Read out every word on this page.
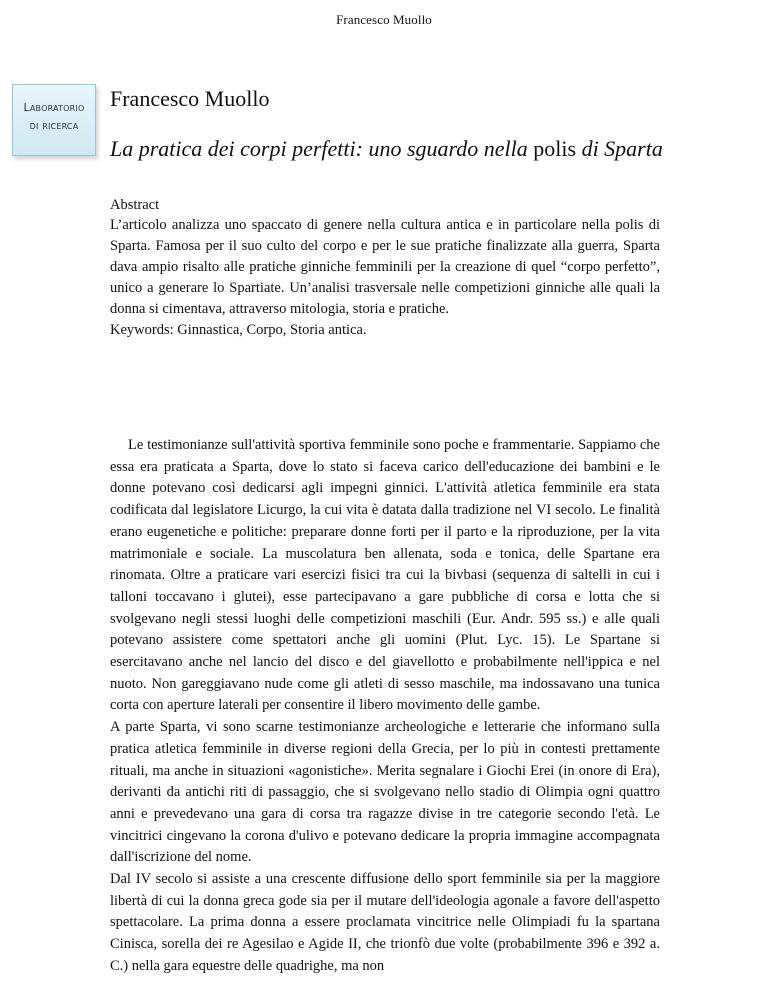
Francesco Muollo
Laboratorio
di ricerca
Francesco Muollo
La pratica dei corpi perfetti: uno sguardo nella polis di Sparta
Abstract

L’articolo analizza uno spaccato di genere nella cultura antica e in particolare nella polis di Sparta. Famosa per il suo culto del corpo e per le sue pratiche finalizzate alla guerra, Sparta dava ampio risalto alle pratiche ginniche femminili per la creazione di quel “corpo perfetto”, unico a generare lo Spartiate. Un’analisi trasversale nelle competizioni ginniche alle quali la donna si cimentava, attraverso mitologia, storia e pratiche.

Keywords: Ginnastica, Corpo, Storia antica.

Le testimonianze sull'attività sportiva femminile sono poche e frammentarie. Sappiamo che essa era praticata a Sparta, dove lo stato si faceva carico dell'educazione dei bambini e le donne potevano così dedicarsi agli impegni ginnici. L'attività atletica femminile era stata codificata dal legislatore Licurgo, la cui vita è datata dalla tradizione nel VI secolo. Le finalità erano eugenetiche e politiche: preparare donne forti per il parto e la riproduzione, per la vita matrimoniale e sociale. La muscolatura ben allenata, soda e tonica, delle Spartane era rinomata. Oltre a praticare vari esercizi fisici tra cui la bivbasi (sequenza di saltelli in cui i talloni toccavano i glutei), esse partecipavano a gare pubbliche di corsa e lotta che si svolgevano negli stessi luoghi delle competizioni maschili (Eur. Andr. 595 ss.) e alle quali potevano assistere come spettatori anche gli uomini (Plut. Lyc. 15). Le Spartane si esercitavano anche nel lancio del disco e del giavellotto e probabilmente nell'ippica e nel nuoto. Non gareggiavano nude come gli atleti di sesso maschile, ma indossavano una tunica corta con aperture laterali per consentire il libero movimento delle gambe.

A parte Sparta, vi sono scarne testimonianze archeologiche e letterarie che informano sulla pratica atletica femminile in diverse regioni della Grecia, per lo più in contesti prettamente rituali, ma anche in situazioni «agonistiche». Merita segnalare i Giochi Erei (in onore di Era), derivanti da antichi riti di passaggio, che si svolgevano nello stadio di Olimpia ogni quattro anni e prevedevano una gara di corsa tra ragazze divise in tre categorie secondo l'età. Le vincitrici cingevano la corona d'ulivo e potevano dedicare la propria immagine accompagnata dall'iscrizione del nome.

Dal IV secolo si assiste a una crescente diffusione dello sport femminile sia per la maggiore libertà di cui la donna greca gode sia per il mutare dell'ideologia agonale a favore dell'aspetto spettacolare. La prima donna a essere proclamata vincitrice nelle Olimpiadi fu la spartana Cinisca, sorella dei re Agesilao e Agide II, che trionfò due volte (probabilmente 396 e 392 a. C.) nella gara equestre delle quadrighe, ma non
